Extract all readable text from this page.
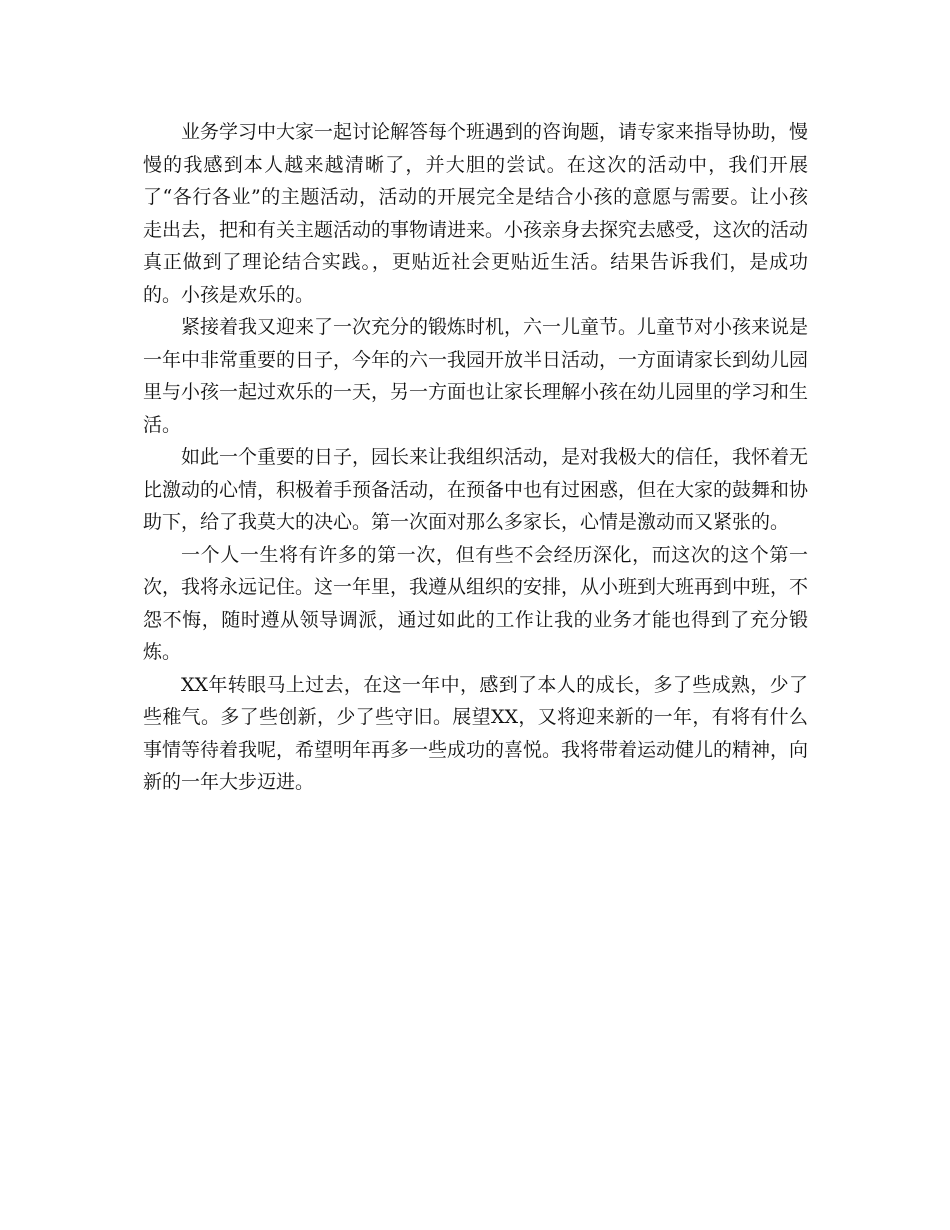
业务学习中大家一起讨论解答每个班遇到的咨询题，请专家来指导协助，慢慢的我感到本人越来越清晰了，并大胆的尝试。在这次的活动中，我们开展了“各行各业”的主题活动，活动的开展完全是结合小孩的意愿与需要。让小孩走出去，把和有关主题活动的事物请进来。小孩亲身去探究去感受，这次的活动真正做到了理论结合实践。，更贴近社会更贴近生活。结果告诉我们，是成功的。小孩是欢乐的。

紧接着我又迎来了一次充分的锻炼时机，六一儿童节。儿童节对小孩来说是一年中非常重要的日子，今年的六一我园开放半日活动，一方面请家长到幼儿园里与小孩一起过欢乐的一天，另一方面也让家长理解小孩在幼儿园里的学习和生活。

如此一个重要的日子，园长来让我组织活动，是对我极大的信任，我怀着无比激动的心情，积极着手预备活动，在预备中也有过困惑，但在大家的鼓舞和协助下，给了我莫大的决心。第一次面对那么多家长，心情是激动而又紧张的。

一个人一生将有许多的第一次，但有些不会经历深化，而这次的这个第一次，我将永远记住。这一年里，我遵从组织的安排，从小班到大班再到中班，不怨不悔，随时遵从领导调派，通过如此的工作让我的业务才能也得到了充分锻炼。

XX年转眼马上过去，在这一年中，感到了本人的成长，多了些成熟，少了些稚气。多了些创新，少了些守旧。展望XX，又将迎来新的一年，有将有什么事情等待着我呢，希望明年再多一些成功的喜悦。我将带着运动健儿的精神，向新的一年大步迈进。
